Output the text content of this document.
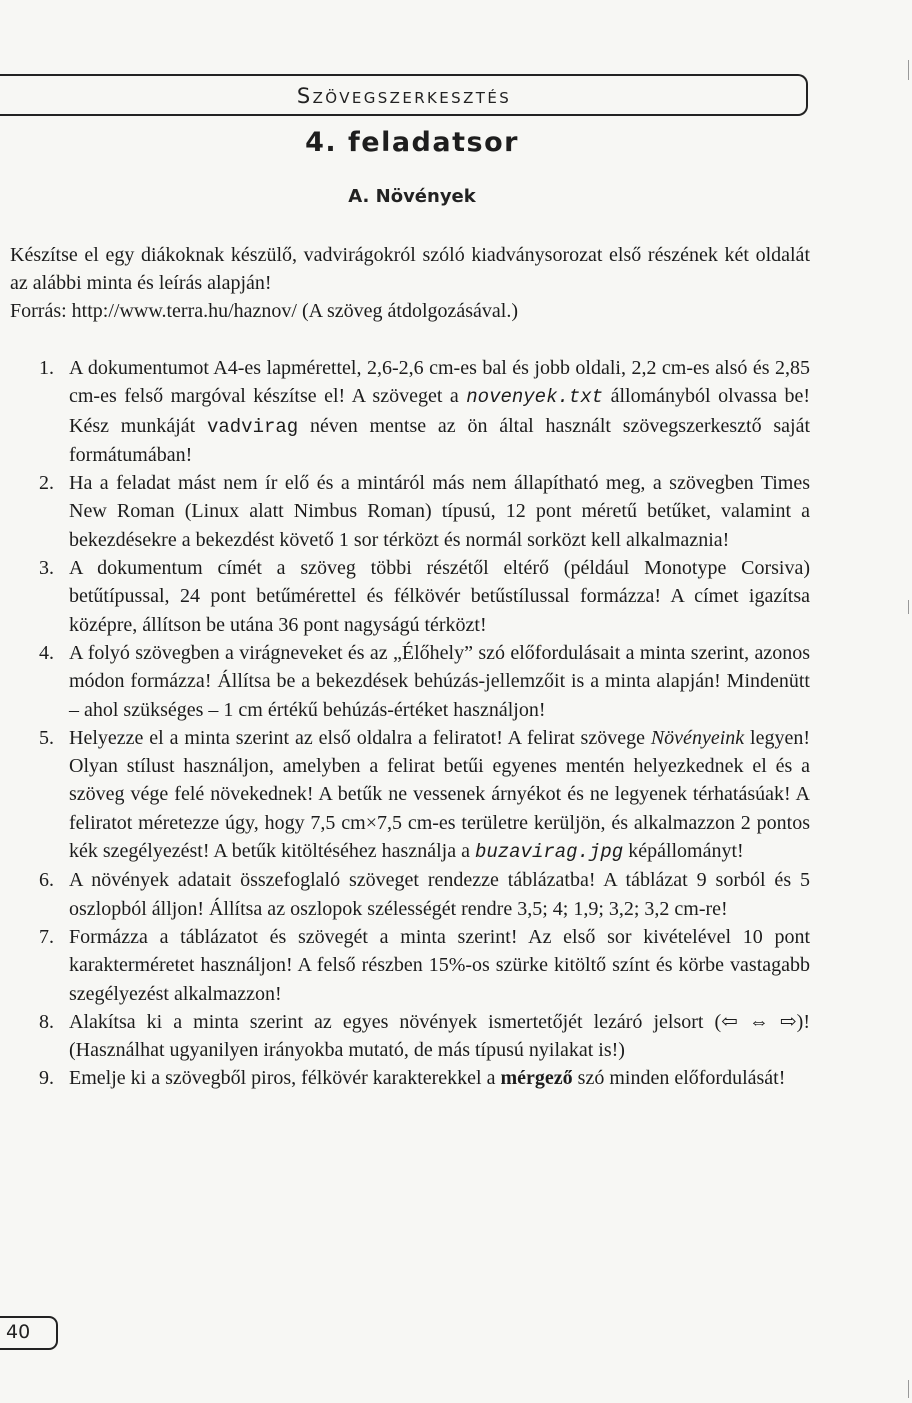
Szövegszerkesztés
4. feladatsor
A. Növények

Készítse el egy diákoknak készülő, vadvirágokról szóló kiadványsorozat első részének két oldalát az alábbi minta és leírás alapján!

Forrás: http://www.terra.hu/haznov/ (A szöveg átdolgozásával.)

1. A dokumentumot A4-es lapmérettel, 2,6-2,6 cm-es bal és jobb oldali, 2,2 cm-es alsó és 2,85 cm-es felső margóval készítse el! A szöveget a novenyek.txt állományból olvassa be! Kész munkáját vadvirag néven mentse az ön által használt szövegszerkesztő saját formátumában!
2. Ha a feladat mást nem ír elő és a mintáról más nem állapítható meg, a szövegben Times New Roman (Linux alatt Nimbus Roman) típusú, 12 pont méretű betűket, valamint a bekezdésekre a bekezdést követő 1 sor térközt és normál sorközt kell alkalmaznia!
3. A dokumentum címét a szöveg többi részétől eltérő (például Monotype Corsiva) betűtípussal, 24 pont betűmérettel és félkövér betűstílussal formázza! A címet igazítsa középre, állítson be utána 36 pont nagyságú térközt!
4. A folyó szövegben a virágneveket és az „Élőhely” szó előfordulásait a minta szerint, azonos módon formázza! Állítsa be a bekezdések behúzás-jellemzőit is a minta alapján! Mindenütt – ahol szükséges – 1 cm értékű behúzás-értéket használjon!
5. Helyezze el a minta szerint az első oldalra a feliratot! A felirat szövege Növényeink legyen! Olyan stílust használjon, amelyben a felirat betűi egyenes mentén helyezkednek el és a szöveg vége felé növekednek! A betűk ne vessenek árnyékot és ne legyenek térhatásúak! A feliratot méretezze úgy, hogy 7,5 cm×7,5 cm-es területre kerüljön, és alkalmazzon 2 pontos kék szegélyezést! A betűk kitöltéséhez használja a buzavirag.jpg képállományt!
6. A növények adatait összefoglaló szöveget rendezze táblázatba! A táblázat 9 sorból és 5 oszlopból álljon! Állítsa az oszlopok szélességét rendre 3,5; 4; 1,9; 3,2; 3,2 cm-re!
7. Formázza a táblázatot és szövegét a minta szerint! Az első sor kivételével 10 pont karakterméretet használjon! A felső részben 15%-os szürke kitöltő színt és körbe vastagabb szegélyezést alkalmazzon!
8. Alakítsa ki a minta szerint az egyes növények ismertetőjét lezáró jelsort (⇦ ⇔ ⇨)! (Használhat ugyanilyen irányokba mutató, de más típusú nyilakat is!)
9. Emelje ki a szövegből piros, félkövér karakterekkel a mérgező szó minden előfordulását!
40
